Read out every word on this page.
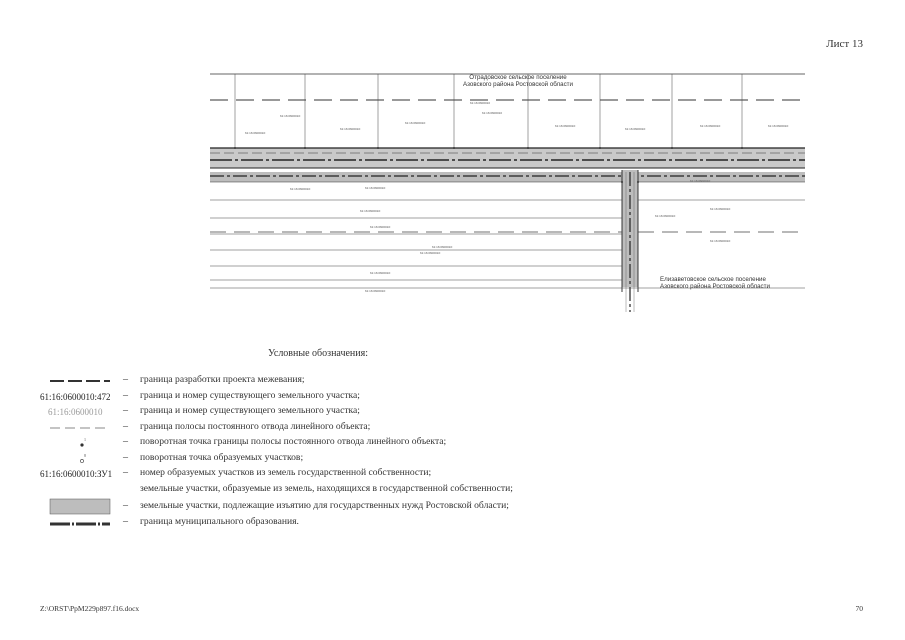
Лист 13
61:16:0600010:
61:16:0600010:
61:16:0600010
61:16:0600010:
61:16:0600010:
61:16:0600010:	61:16:0600010:
61:16:0600010:
61:16:0600010:
61:16:0600010
61:16:0600010:	61:16:0600010:
61:16:0600010:
61:16:0600010:
61:16:0600010:
61:16:0600010:
61:16:0600010:
61:16:0600010:
61:16:0600010:
61:16:0600010:
61:16:0600010:
61:16:0600010:
Отрадовское сельское поселение
Азовского района Ростовской области
Елизаветовское сельское поселение
Азовского района Ростовской области
Условные обозначения:
– граница разработки проекта межевания;
61:16:0600010:472	– граница и номер существующего земельного участка;
61:16:0600010	– граница и номер существующего земельного участка;
– граница полосы постоянного отвода линейного объекта;
1	– поворотная точка границы полосы постоянного отвода линейного объекта;
8	– поворотная точка образуемых участков;
61:16:0600010:ЗУ1	– номер образуемых участков из земель государственной собственности;
земельные участки, образуемые из земель, находящихся в государственной собственности;
– земельные участки, подлежащие изъятию для государственных нужд Ростовской области;
– граница муниципального образования.
Z:\ORST\PpM229p897.f16.docx	70
